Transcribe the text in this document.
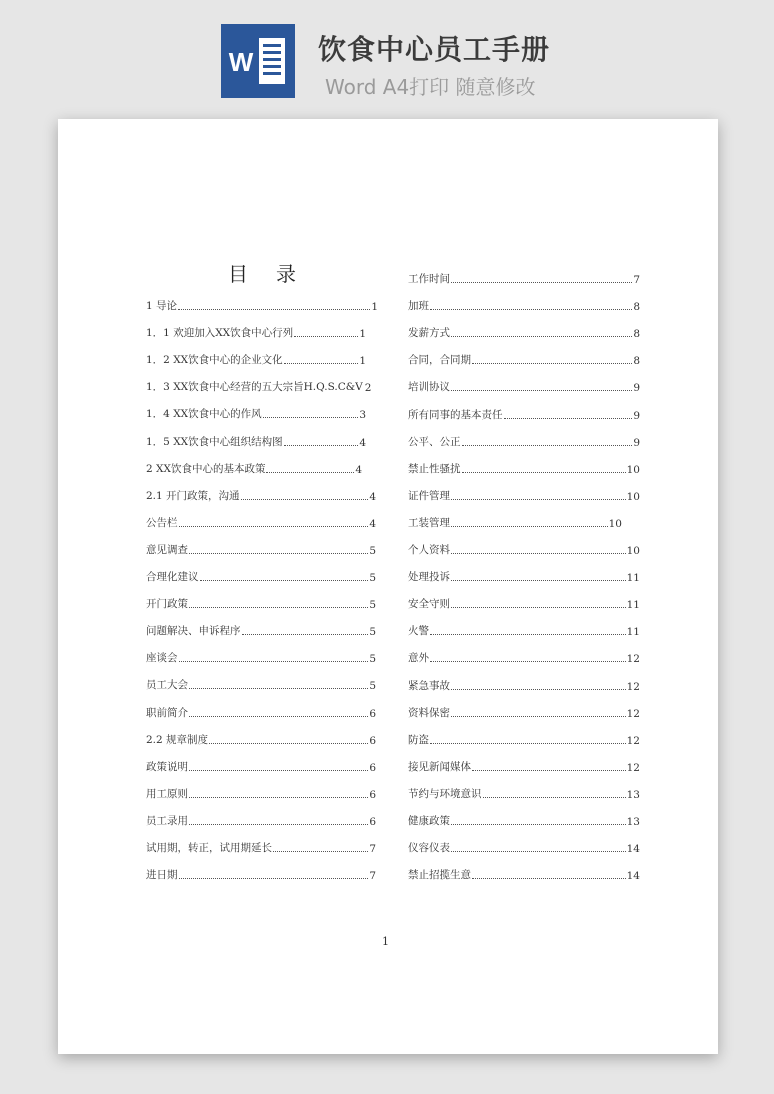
W 饮食中心员工手册
Word A4打印 随意修改
目录
1 导论	1
1．1 欢迎加入XX饮食中心行列	1
1．2 XX饮食中心的企业文化	1
1．3 XX饮食中心经营的五大宗旨H.Q.S.C&V 2
1．4 XX饮食中心的作风	3
1．5 XX饮食中心组织结构图	4
2 XX饮食中心的基本政策	4
2.1 开门政策，沟通	4
公告栏	4
意见调查	5
合理化建议	5
开门政策	5
问题解决、申诉程序	5
座谈会	5
员工大会	5
职前简介	6
2.2 规章制度	6
政策说明	6
用工原则	6
员工录用	6
试用期，转正，试用期延长	7
进日期	7
工作时间	7
加班	8
发薪方式	8
合同，合同期	8
培训协议	9
所有同事的基本责任	9
公平、公正	9
禁止性骚扰	10
证件管理	10
工装管理	10
个人资料	10
处理投诉	11
安全守则	11
火警	11
意外	12
紧急事故	12
资料保密	12
防盗	12
接见新闻媒体	12
节约与环境意识	13
健康政策	13
仪容仪表	14
禁止招揽生意	14
1
